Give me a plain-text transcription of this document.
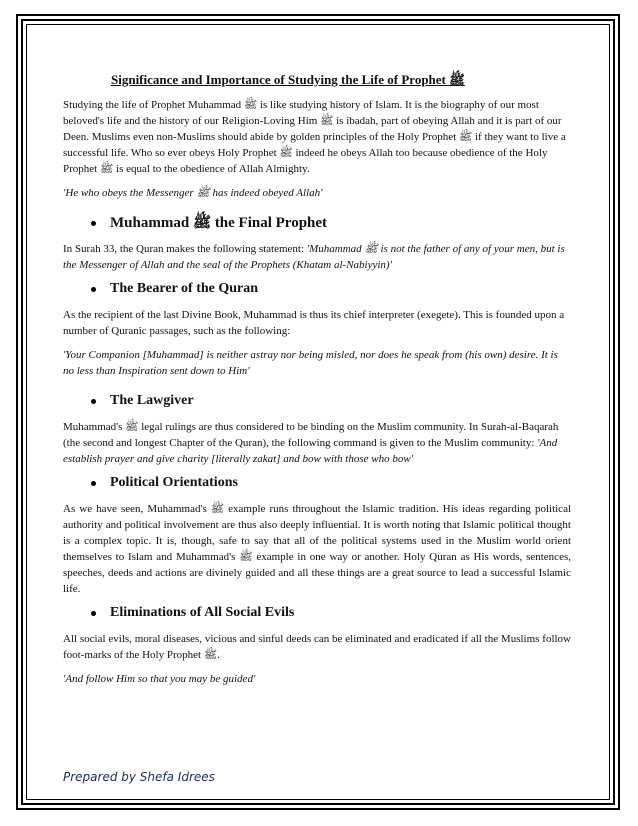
Significance and Importance of Studying the Life of Prophet ﷺ

Studying the life of Prophet Muhammad ﷺ is like studying history of Islam. It is the biography of our most beloved's life and the history of our Religion-Loving Him ﷺ is ibadah, part of obeying Allah and it is part of our Deen. Muslims even non-Muslims should abide by golden principles of the Holy Prophet ﷺ if they want to live a successful life. Who so ever obeys Holy Prophet ﷺ indeed he obeys Allah too because obedience of the Holy Prophet ﷺ is equal to the obedience of Allah Almighty.

'He who obeys the Messenger ﷺ has indeed obeyed Allah'

Muhammad ﷺ the Final Prophet

In Surah 33, the Quran makes the following statement: 'Muhammad ﷺ is not the father of any of your men, but is the Messenger of Allah and the seal of the Prophets (Khatam al-Nabiyyin)'

The Bearer of the Quran

As the recipient of the last Divine Book, Muhammad is thus its chief interpreter (exegete). This is founded upon a number of Quranic passages, such as the following:

'Your Companion [Muhammad] is neither astray nor being misled, nor does he speak from (his own) desire. It is no less than Inspiration sent down to Him'

The Lawgiver

Muhammad's ﷺ legal rulings are thus considered to be binding on the Muslim community. In Surah-al-Baqarah (the second and longest Chapter of the Quran), the following command is given to the Muslim community: 'And establish prayer and give charity [literally zakat] and bow with those who bow'

Political Orientations

As we have seen, Muhammad's ﷺ example runs throughout the Islamic tradition. His ideas regarding political authority and political involvement are thus also deeply influential. It is worth noting that Islamic political thought is a complex topic. It is, though, safe to say that all of the political systems used in the Muslim world orient themselves to Islam and Muhammad's ﷺ example in one way or another. Holy Quran as His words, sentences, speeches, deeds and actions are divinely guided and all these things are a great source to lead a successful Islamic life.

Eliminations of All Social Evils

All social evils, moral diseases, vicious and sinful deeds can be eliminated and eradicated if all the Muslims follow foot-marks of the Holy Prophet ﷺ.

'And follow Him so that you may be guided'

Prepared by Shefa Idrees
